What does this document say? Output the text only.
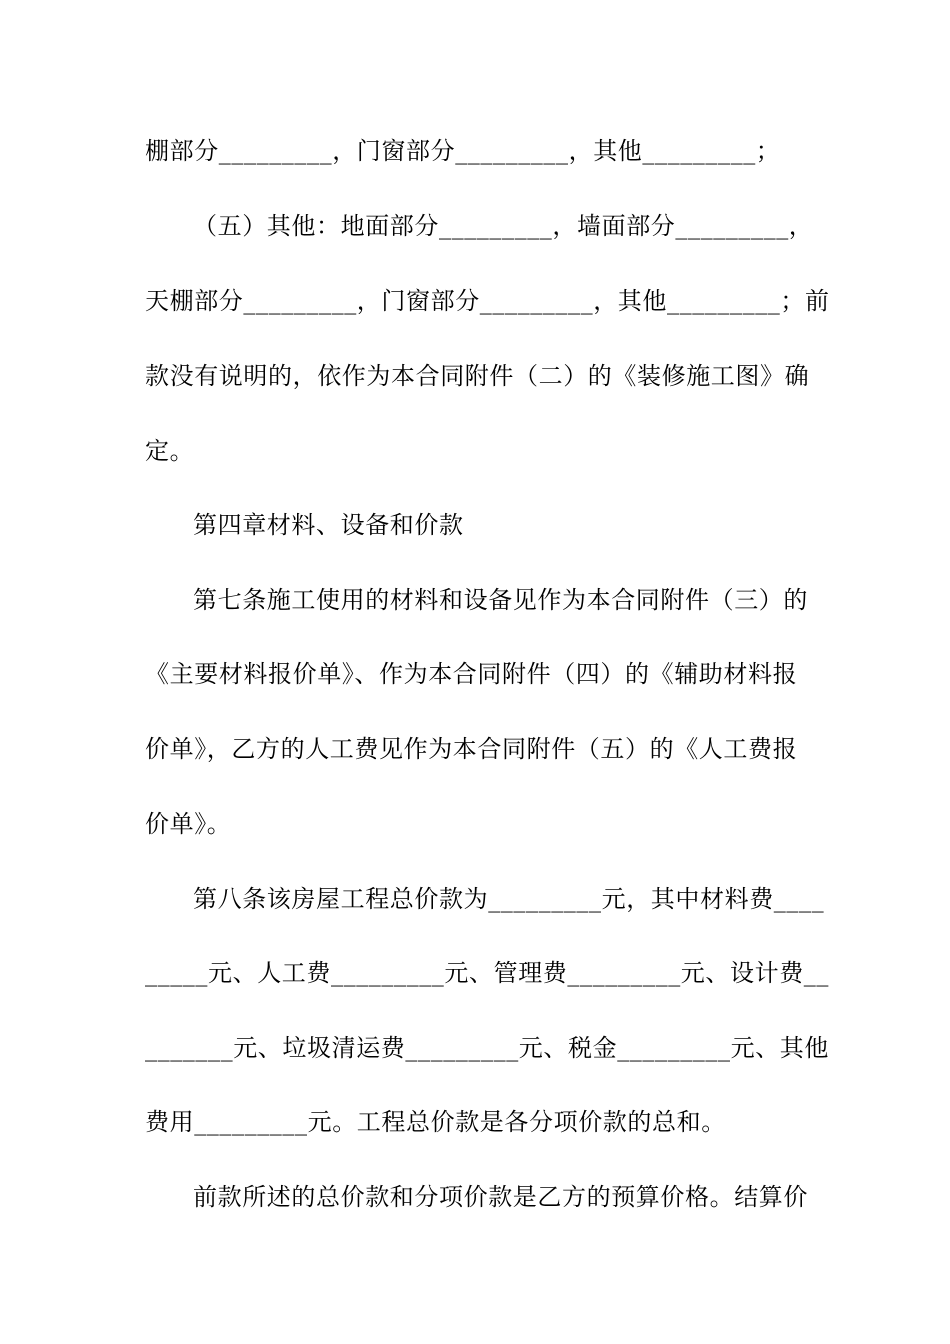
棚部分_________，门窗部分_________，其他_________；
（五）其他：地面部分_________，墙面部分_________，
天棚部分_________，门窗部分_________，其他_________；前
款没有说明的，依作为本合同附件（二）的《装修施工图》确
定。
第四章材料、设备和价款
第七条施工使用的材料和设备见作为本合同附件（三）的
《主要材料报价单》、作为本合同附件（四）的《辅助材料报
价单》，乙方的人工费见作为本合同附件（五）的《人工费报
价单》。
第八条该房屋工程总价款为_________元，其中材料费____
_____元、人工费_________元、管理费_________元、设计费__
_______元、垃圾清运费_________元、税金_________元、其他
费用_________元。工程总价款是各分项价款的总和。
前款所述的总价款和分项价款是乙方的预算价格。结算价
